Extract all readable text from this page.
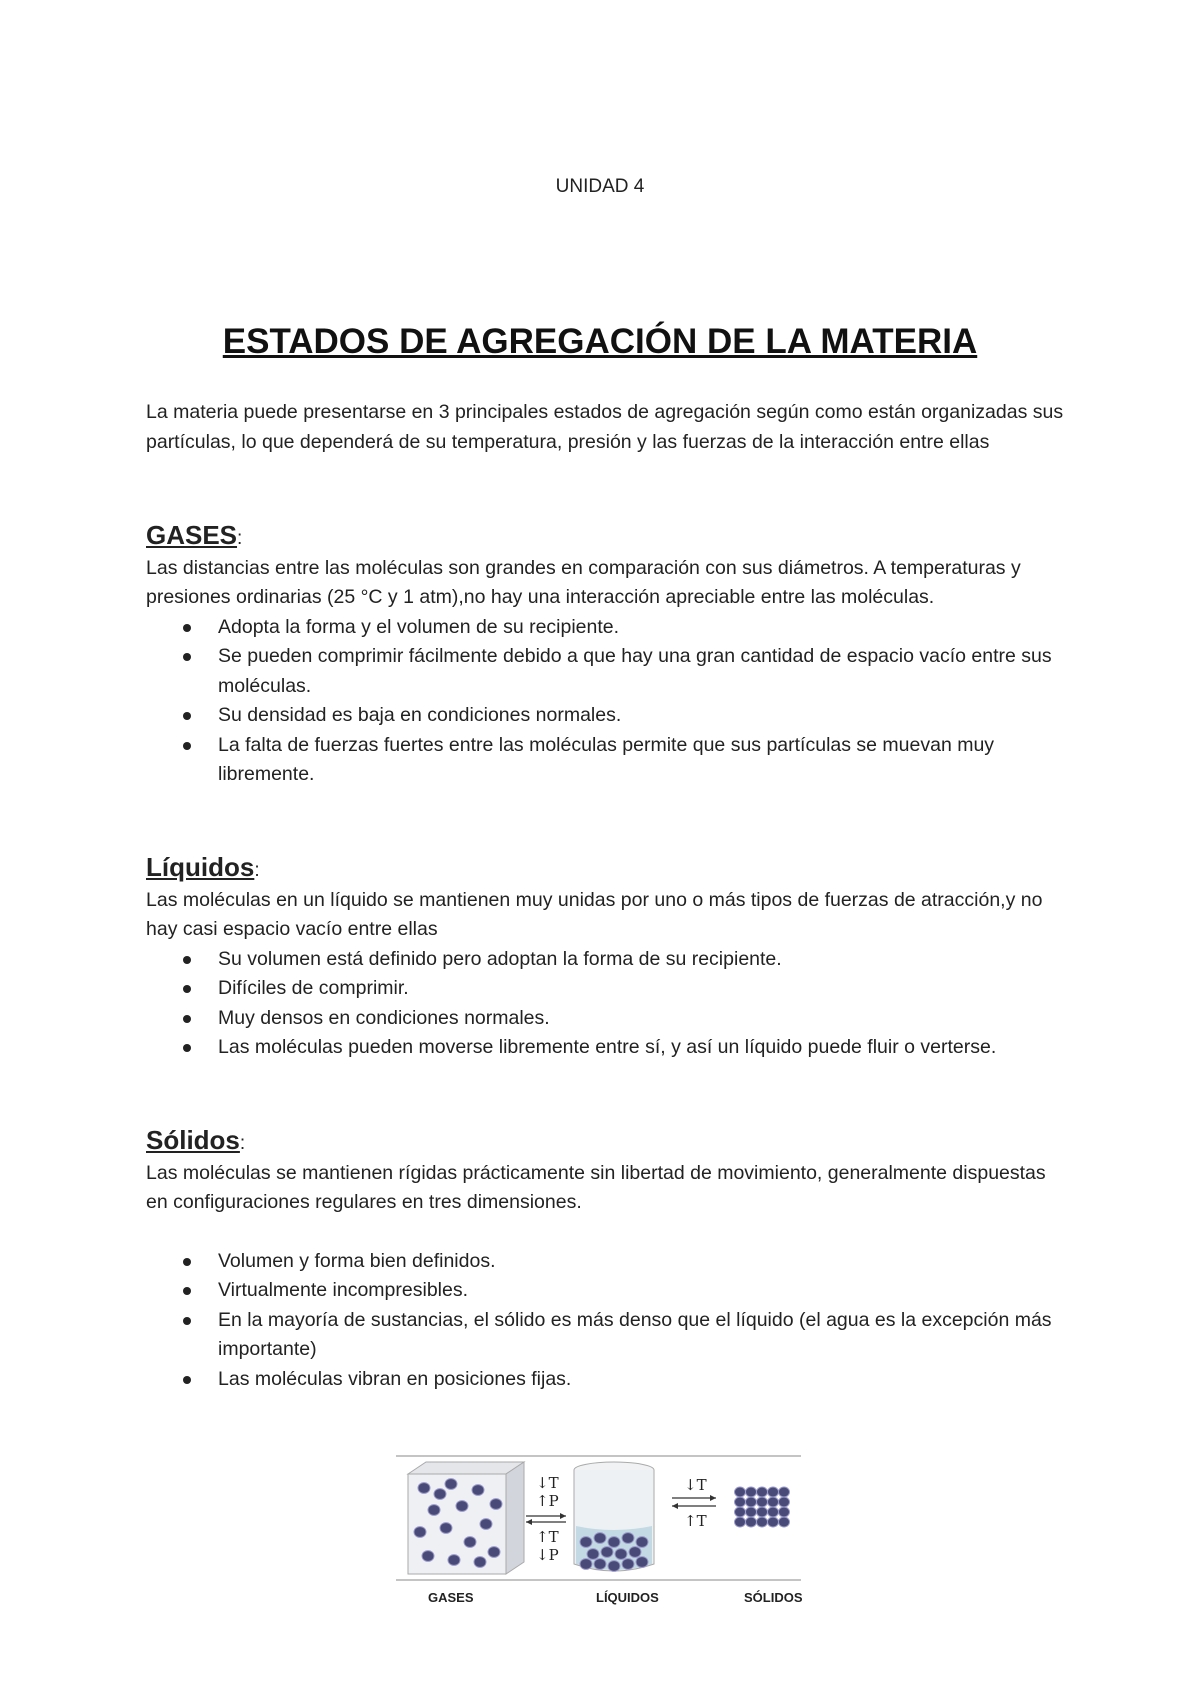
UNIDAD 4
ESTADOS DE AGREGACIÓN DE LA MATERIA

La materia puede presentarse en 3 principales estados de agregación según como están organizadas sus partículas, lo que dependerá de su temperatura, presión y las fuerzas de la interacción entre ellas

GASES:

Las distancias entre las moléculas son grandes en comparación con sus diámetros. A temperaturas y presiones ordinarias (25 °C y 1 atm),no hay una interacción apreciable entre las moléculas.

Adopta la forma y el volumen de su recipiente.
Se pueden comprimir fácilmente debido a que hay una gran cantidad de espacio vacío entre sus moléculas.
Su densidad es baja en condiciones normales.
La falta de fuerzas fuertes entre las moléculas permite que sus partículas se muevan muy libremente.
Líquidos:

Las moléculas en un líquido se mantienen muy unidas por uno o más tipos de fuerzas de atracción,y no hay casi espacio vacío entre ellas

Su volumen está definido pero adoptan la forma de su recipiente.
Difíciles de comprimir.
Muy densos en condiciones normales.
Las moléculas pueden moverse libremente entre sí, y así un líquido puede fluir o verterse.
Sólidos:

Las moléculas se mantienen rígidas prácticamente sin libertad de movimiento, generalmente dispuestas en configuraciones regulares en tres dimensiones.

Volumen y forma bien definidos.
Virtualmente incompresibles.
En la mayoría de sustancias, el sólido es más denso que el líquido (el agua es la excepción más importante)
Las moléculas vibran en posiciones fijas.
↓T
↑P
↑T
↓P
↓T
↑T
GASES	LÍQUIDOS	SÓLIDOS
